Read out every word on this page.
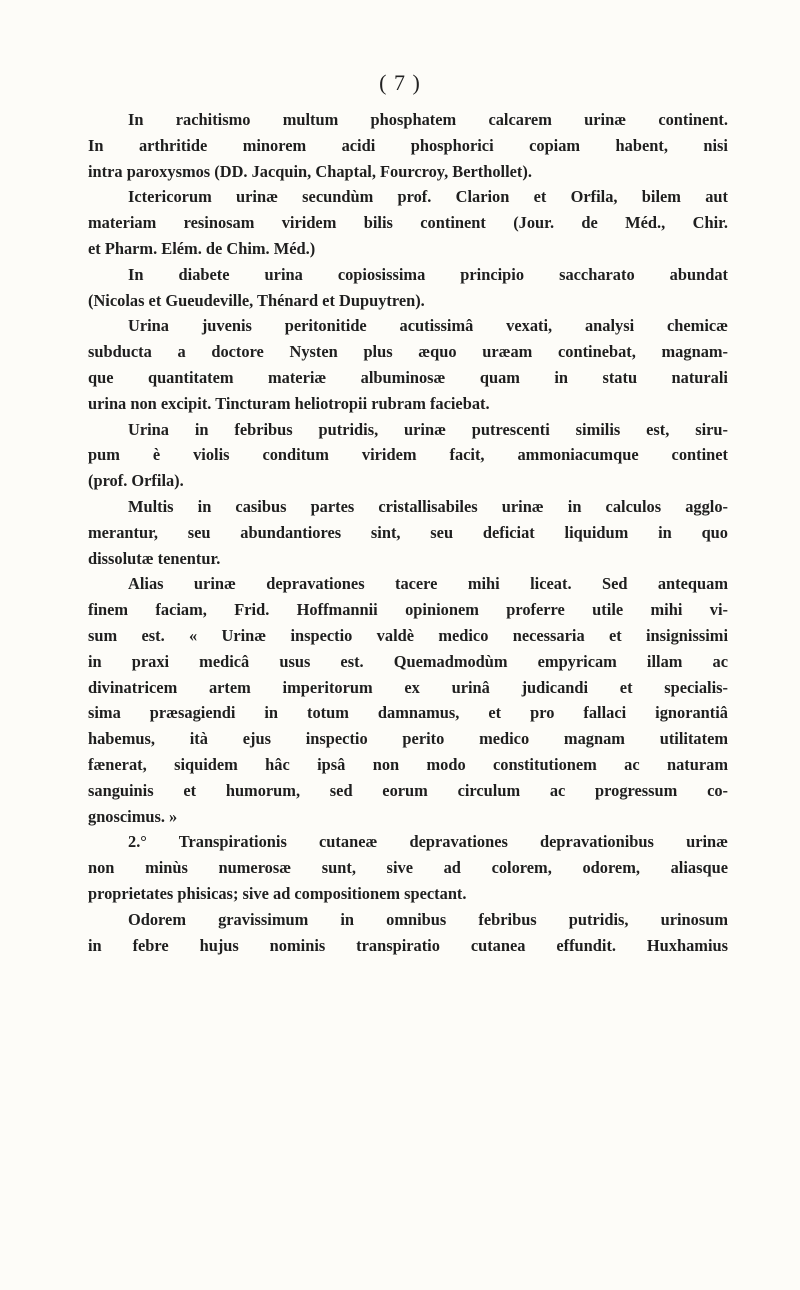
( 7 )
In rachitismo multum phosphatem calcarem urinæ continent.
In arthritide minorem acidi phosphorici copiam habent, nisi
intra paroxysmos (DD. Jacquin, Chaptal, Fourcroy, Berthollet).
Ictericorum urinæ secundùm prof. Clarion et Orfila, bilem aut
materiam resinosam viridem bilis continent (Jour. de Méd., Chir.
et Pharm. Elém. de Chim. Méd.)
In diabete urina copiosissima principio saccharato abundat
(Nicolas et Gueudeville, Thénard et Dupuytren).
Urina juvenis peritonitide acutissimâ vexati, analysi chemicæ
subducta a doctore Nysten plus æquo uræam continebat, magnam-
que quantitatem materiæ albuminosæ quam in statu naturali
urina non excipit. Tincturam heliotropii rubram faciebat.
Urina in febribus putridis, urinæ putrescenti similis est, siru-
pum è violis conditum viridem facit, ammoniacumque continet
(prof. Orfila).
Multis in casibus partes cristallisabiles urinæ in calculos agglo-
merantur, seu abundantiores sint, seu deficiat liquidum in quo
dissolutæ tenentur.
Alias urinæ depravationes tacere mihi liceat. Sed antequam
finem faciam, Frid. Hoffmannii opinionem proferre utile mihi vi-
sum est. « Urinæ inspectio valdè medico necessaria et insignissimi
in praxi medicâ usus est. Quemadmodùm empyricam illam ac
divinatricem artem imperitorum ex urinâ judicandi et specialis-
sima præsagiendi in totum damnamus, et pro fallaci ignorantiâ
habemus, ità ejus inspectio perito medico magnam utilitatem
fænerat, siquidem hâc ipsâ non modo constitutionem ac naturam
sanguinis et humorum, sed eorum circulum ac progressum co-
gnoscimus. »
2.° Transpirationis cutaneæ depravationes depravationibus urinæ
non minùs numerosæ sunt, sive ad colorem, odorem, aliasque
proprietates phisicas; sive ad compositionem spectant.
Odorem gravissimum in omnibus febribus putridis, urinosum
in febre hujus nominis transpiratio cutanea effundit. Huxhamius
